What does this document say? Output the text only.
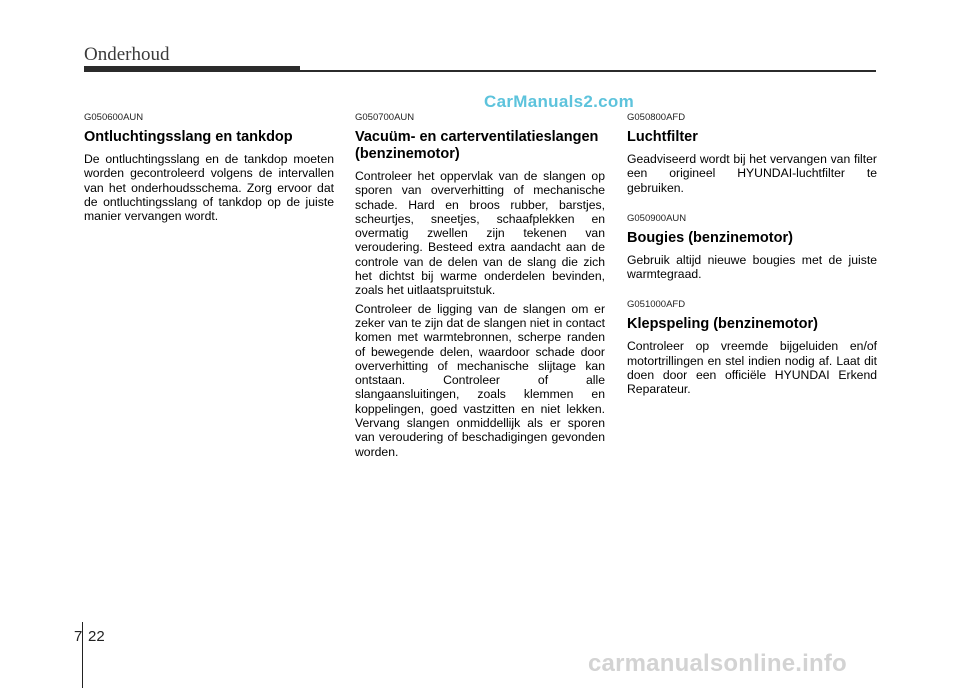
Onderhoud
CarManuals2.com
G050600AUN
Ontluchtingsslang en tankdop

De ontluchtingsslang en de tankdop moeten worden gecontroleerd volgens de intervallen van het onderhoudsschema. Zorg ervoor dat de ontluchtingsslang of tankdop op de juiste manier vervangen wordt.

G050700AUN
Vacuüm- en carterventilatieslangen (benzinemotor)

Controleer het oppervlak van de slangen op sporen van oververhitting of mechanische schade. Hard en broos rubber, barstjes, scheurtjes, sneetjes, schaafplekken en overmatig zwellen zijn tekenen van veroudering. Besteed extra aandacht aan de controle van de delen van de slang die zich het dichtst bij warme onderdelen bevinden, zoals het uitlaatspruitstuk.

Controleer de ligging van de slangen om er zeker van te zijn dat de slangen niet in contact komen met warmtebronnen, scherpe randen of bewegende delen, waardoor schade door oververhitting of mechanische slijtage kan ontstaan. Controleer of alle slangaansluitingen, zoals klemmen en koppelingen, goed vastzitten en niet lekken. Vervang slangen onmiddellijk als er sporen van veroudering of beschadigingen gevonden worden.

G050800AFD
Luchtfilter

Geadviseerd wordt bij het vervangen van filter een origineel HYUNDAI-luchtfilter te gebruiken.

G050900AUN
Bougies (benzinemotor)

Gebruik altijd nieuwe bougies met de juiste warmtegraad.

G051000AFD
Klepspeling (benzinemotor)

Controleer op vreemde bijgeluiden en/of motortrillingen en stel indien nodig af. Laat dit doen door een officiële HYUNDAI Erkend Reparateur.

7 22
carmanualsonline.info
